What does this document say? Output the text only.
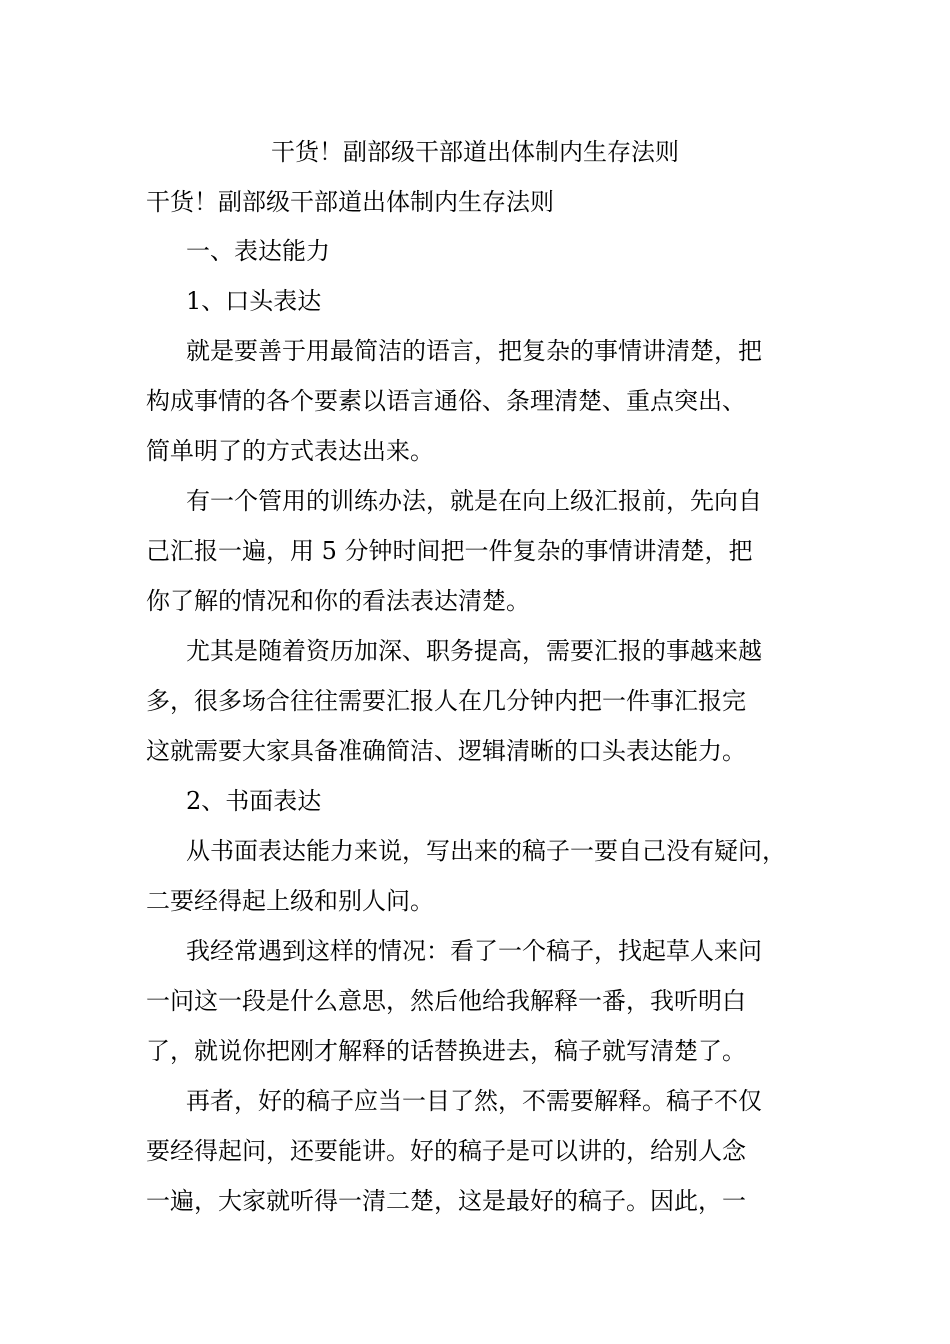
干货！副部级干部道出体制内生存法则
干货！副部级干部道出体制内生存法则
一、表达能力
1、口头表达
就是要善于用最简洁的语言，把复杂的事情讲清楚，把
构成事情的各个要素以语言通俗、条理清楚、重点突出、
简单明了的方式表达出来。
有一个管用的训练办法，就是在向上级汇报前，先向自
己汇报一遍，用 5 分钟时间把一件复杂的事情讲清楚，把
你了解的情况和你的看法表达清楚。
尤其是随着资历加深、职务提高，需要汇报的事越来越
多，很多场合往往需要汇报人在几分钟内把一件事汇报完
这就需要大家具备准确简洁、逻辑清晰的口头表达能力。
2、书面表达
从书面表达能力来说，写出来的稿子一要自己没有疑问，
二要经得起上级和别人问。
我经常遇到这样的情况：看了一个稿子，找起草人来问
一问这一段是什么意思，然后他给我解释一番，我听明白
了，就说你把刚才解释的话替换进去，稿子就写清楚了。
再者，好的稿子应当一目了然，不需要解释。稿子不仅
要经得起问，还要能讲。好的稿子是可以讲的，给别人念
一遍，大家就听得一清二楚，这是最好的稿子。因此，一
